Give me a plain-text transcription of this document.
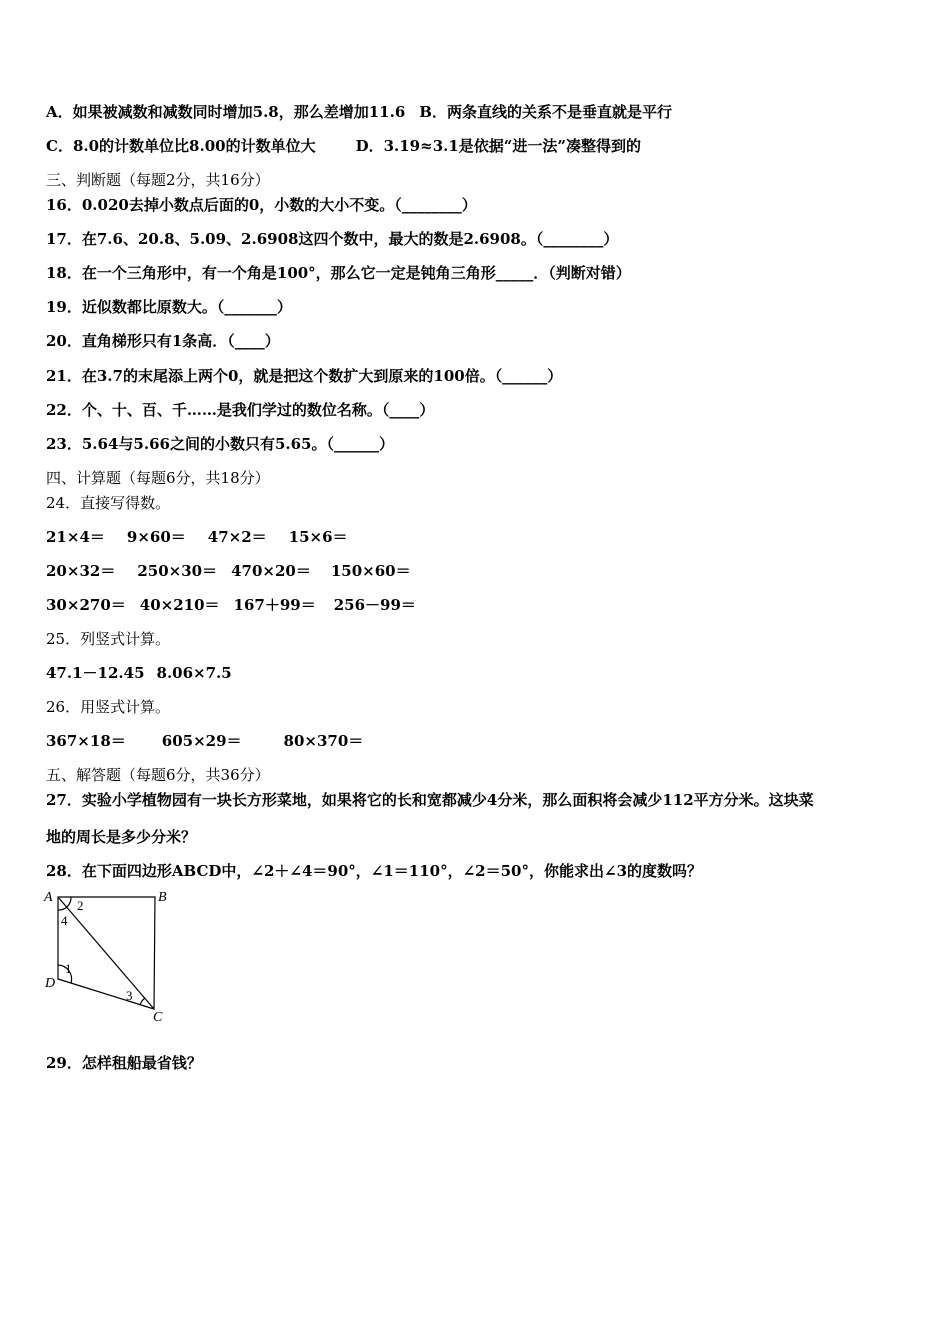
A．如果被减数和减数同时增加5.8，那么差增加11.6 B．两条直线的关系不是垂直就是平行
C．8.0的计数单位比8.00的计数单位大	D．3.19≈3.1是依据“进一法”凑整得到的
三、判断题（每题2分，共16分）
16．0.020去掉小数点后面的0，小数的大小不变。（________）
17．在7.6、20.8、5.09、2.6908这四个数中，最大的数是2.6908。（________）
18．在一个三角形中，有一个角是100°，那么它一定是钝角三角形_____．（判断对错）
19．近似数都比原数大。（_______）
20．直角梯形只有1条高．（____）
21．在3.7的末尾添上两个0，就是把这个数扩大到原来的100倍。（______）
22．个、十、百、千……是我们学过的数位名称。（____）
23．5.64与5.66之间的小数只有5.65。（______）
四、计算题（每题6分，共18分）
24．直接写得数。
21×4＝ 9×60＝ 47×2＝ 15×6＝
20×32＝ 250×30＝ 470×20＝ 150×60＝
30×270＝ 40×210＝ 167＋99＝ 256－99＝
25．列竖式计算。
47.1－12.45 8.06×7.5
26．用竖式计算。
367×18＝ 605×29＝	80×370＝
五、解答题（每题6分，共36分）
27．实验小学植物园有一块长方形菜地，如果将它的长和宽都减少4分米，那么面积将会减少112平方分米。这块菜
地的周长是多少分米？
28．在下面四边形ABCD中，∠2＋∠4＝90°，∠1＝110°，∠2＝50°，你能求出∠3的度数吗？
A	B
C
D
2
4
1
3
29．怎样租船最省钱？
